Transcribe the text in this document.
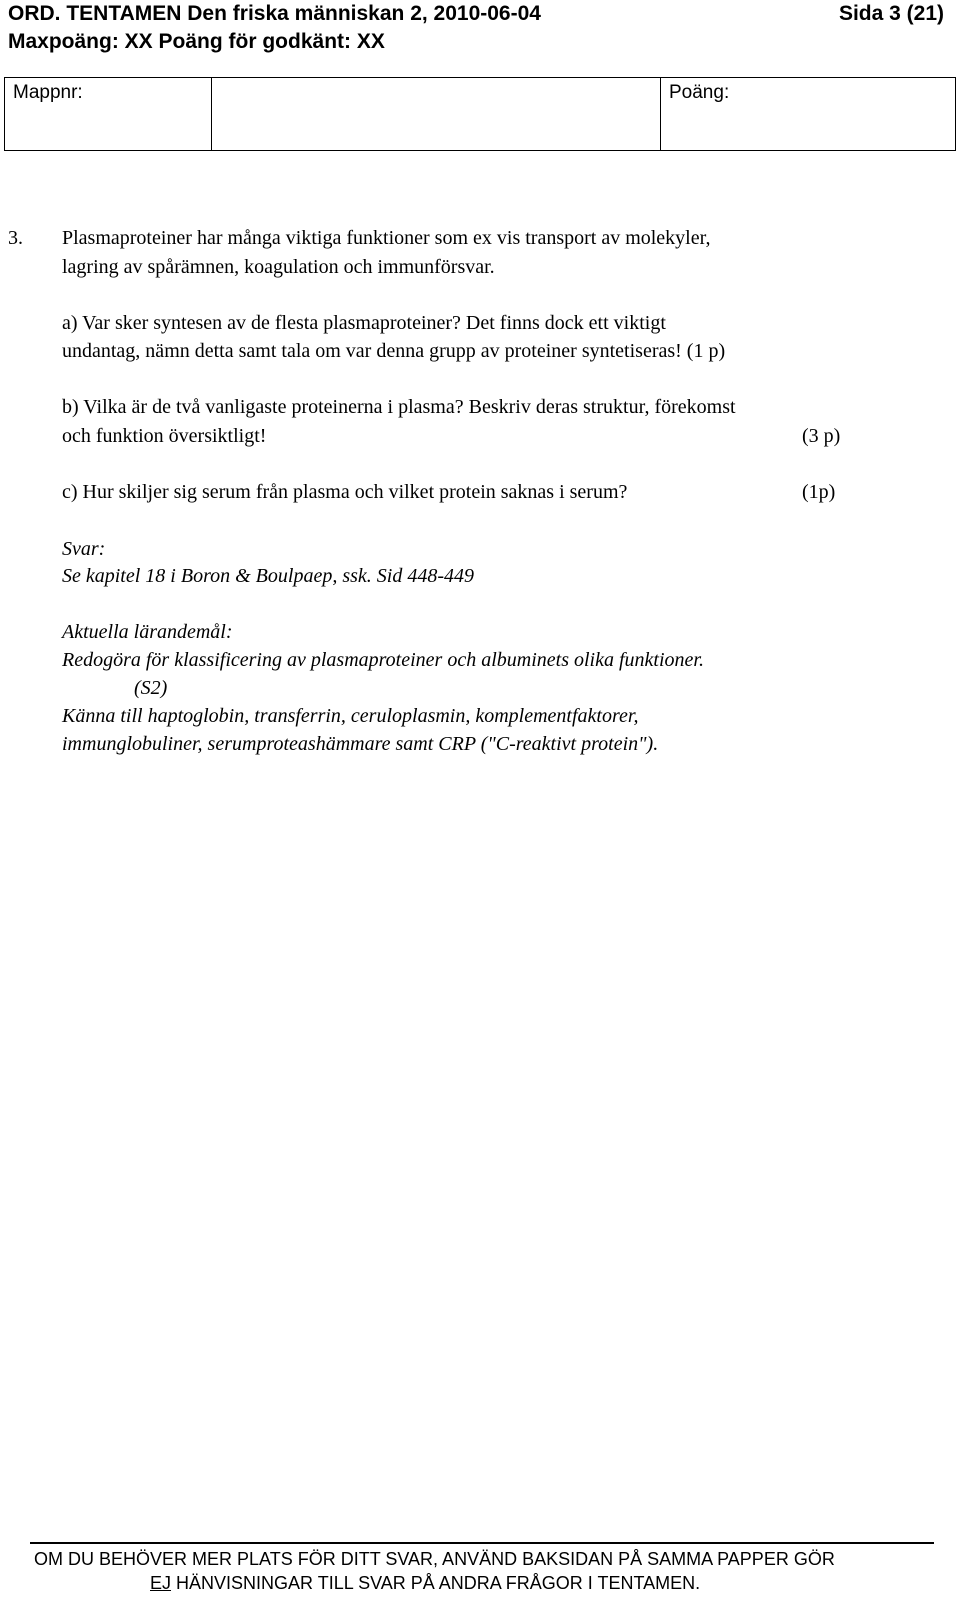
ORD. TENTAMEN Den friska människan 2, 2010-06-04	Sida 3 (21)
Maxpoäng: XX Poäng för godkänt: XX
Mappnr:		Poäng:
3. Plasmaproteiner har många viktiga funktioner som ex vis transport av molekyler,
lagring av spårämnen, koagulation och immunförsvar.
a) Var sker syntesen av de flesta plasmaproteiner? Det finns dock ett viktigt
undantag, nämn detta samt tala om var denna grupp av proteiner syntetiseras! (1 p)
b) Vilka är de två vanligaste proteinerna i plasma? Beskriv deras struktur, förekomst
och funktion översiktligt!	(3 p)
c) Hur skiljer sig serum från plasma och vilket protein saknas i serum?	(1p)
Svar:
Se kapitel 18 i Boron & Boulpaep, ssk. Sid 448-449
Aktuella lärandemål:
Redogöra för klassificering av plasmaproteiner och albuminets olika funktioner.
(S2)
Känna till haptoglobin, transferrin, ceruloplasmin, komplementfaktorer,
immunglobuliner, serumproteashämmare samt CRP ("C-reaktivt protein").
OM DU BEHÖVER MER PLATS FÖR DITT SVAR, ANVÄND BAKSIDAN PÅ SAMMA PAPPER GÖR
EJ HÄNVISNINGAR TILL SVAR PÅ ANDRA FRÅGOR I TENTAMEN.
